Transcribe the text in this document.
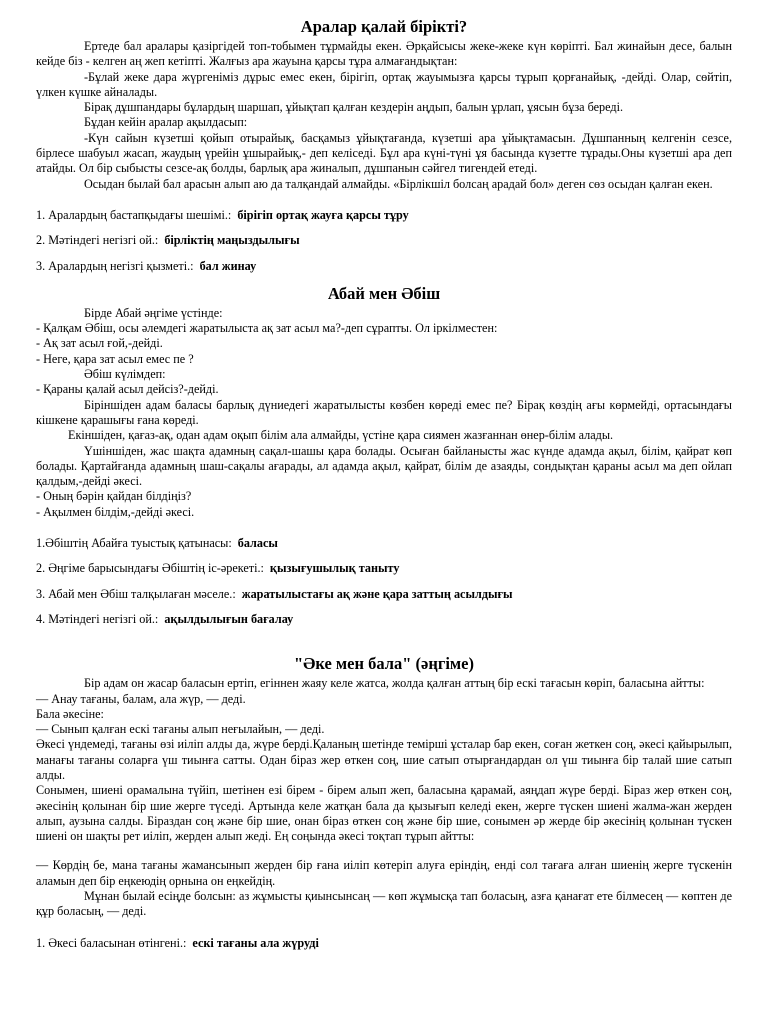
Аралар қалай бірікті?

Ертеде бал аралары қазіргідей топ-тобымен тұрмайды екен. Әрқайсысы жеке-жеке күн көріпті. Бал жинайын десе, балын кейде біз - келген аң жеп кетіпті. Жалғыз ара жауына қарсы тұра алмағандықтан:

-Бұлай жеке дара жүргеніміз дұрыс емес екен, бірігіп, ортақ жауымызға қарсы тұрып қорғанайық, -дейді. Олар, сөйтіп, үлкен күшке айналады.

Бірақ дұшпандары бұлардың шаршап, ұйықтап қалған кездерін аңдып, балын ұрлап, ұясын бұза береді.

Бұдан кейін аралар ақылдасып:

-Күн сайын күзетші қойып отырайық, басқамыз ұйықтағанда, күзетші ара ұйықтамасын. Дұшпанның келгенін сезсе, бірлесе шабуыл жасап, жаудың үрейін ұшырайық,- деп келіседі. Бұл ара күні-түні ұя басында күзетте тұрады.Оны күзетші ара деп атайды. Ол бір сыбысты сезсе-ақ болды, барлық ара жиналып, дұшпанын сәйгел тигендей етеді.

Осыдан былай бал арасын алып аю да талқандай алмайды. «Бірлікшіл болсаң арадай бол» деген сөз осыдан қалған екен.

1. Аралардың бастапқыдағы шешімі.: бірігіп ортақ жауға қарсы тұру

2. Мәтіндегі негізгі ой.: бірліктің маңыздылығы

3. Аралардың негізгі қызметі.: бал жинау

Абай мен Әбіш

Бірде Абай әңгіме үстінде:

- Қалқам Әбіш, осы әлемдегі жаратылыста ақ зат асыл ма?-деп сұрапты. Ол іркілместен:

- Ақ зат асыл ғой,-дейді.

- Неге, қара зат асыл емес пе ?

Әбіш күлімдеп:

- Қараны қалай асыл дейсіз?-дейді.

Біріншіден адам баласы барлық дүниедегі жаратылысты көзбен көреді емес пе? Бірақ көздің ағы көрмейді, ортасындағы кішкене қарашығы ғана көреді.

Екіншіден, қағаз-ақ, одан адам оқып білім ала алмайды, үстіне қара сиямен жазғаннан өнер-білім алады.

Үшіншіден, жас шақта адамның сақал-шашы қара болады. Осыған байланысты жас күнде адамда ақыл, білім, қайрат көп болады. Қартайғанда адамның шаш-сақалы ағарады, ал адамда ақыл, қайрат, білім де азаяды, сондықтан қараны асыл ма деп ойлап қалдым,-дейді әкесі.

- Оның бәрін қайдан білдіңіз?

- Ақылмен білдім,-дейді әкесі.

1.Әбіштің Абайға туыстық қатынасы: баласы

2. Әңгіме барысындағы Әбіштің іс-әрекеті.: қызығушылық таныту

3. Абай мен Әбіш талқылаған мәселе.: жаратылыстағы ақ және қара заттың асылдығы

4. Мәтіндегі негізгі ой.: ақылдылығын бағалау

"Әке мен бала" (әңгіме)

Бір адам он жасар баласын ертіп, егіннен жаяу келе жатса, жолда қалған аттың бір ескі тағасын көріп, баласына айтты:

— Анау тағаны, балам, ала жүр, — деді.

Бала әкесіне:

— Сынып қалған ескі тағаны алып неғылайын, — деді.

Әкесі үндемеді, тағаны өзі иіліп алды да, жүре берді.Қаланың шетінде темірші ұсталар бар екен, соған жеткен соң, әкесі қайырылып, манағы тағаны соларға үш тиынға сатты. Одан біраз жер өткен соң, шие сатып отырғандардан ол үш тиынға бір талай шие сатып алды.

Сонымен, шиені орамалына түйіп, шетінен езі бірем - бірем алып жеп, баласына қарамай, аяңдап жүре берді. Біраз жер өткен соң, әкесінің қолынан бір шие жерге түседі. Артында келе жатқан бала да қызығып келеді екен, жерге түскен шиені жалма-жан жерден алып, аузына салды. Біраздан соң және бір шие, онан біраз өткен соң және бір шие, сонымен әр жерде бір әкесінің қолынан түскен шиені он шақты рет иіліп, жерден алып жеді. Ең соңында әкесі тоқтап тұрып айтты:

— Көрдің бе, мана тағаны жамансынып жерден бір ғана иіліп көтеріп алуға еріндің, енді сол тағаға алған шиенің жерге түскенін аламын деп бір еңкеюдің орнына он еңкейдің.

Мұнан былай есіңде болсын: аз жұмысты қиынсынсаң — көп жұмысқа тап боласың, азға қанағат ете білмесең — көптен де құр боласың, — деді.

1. Әкесі баласынан өтінгені.: ескі тағаны ала жүруді
